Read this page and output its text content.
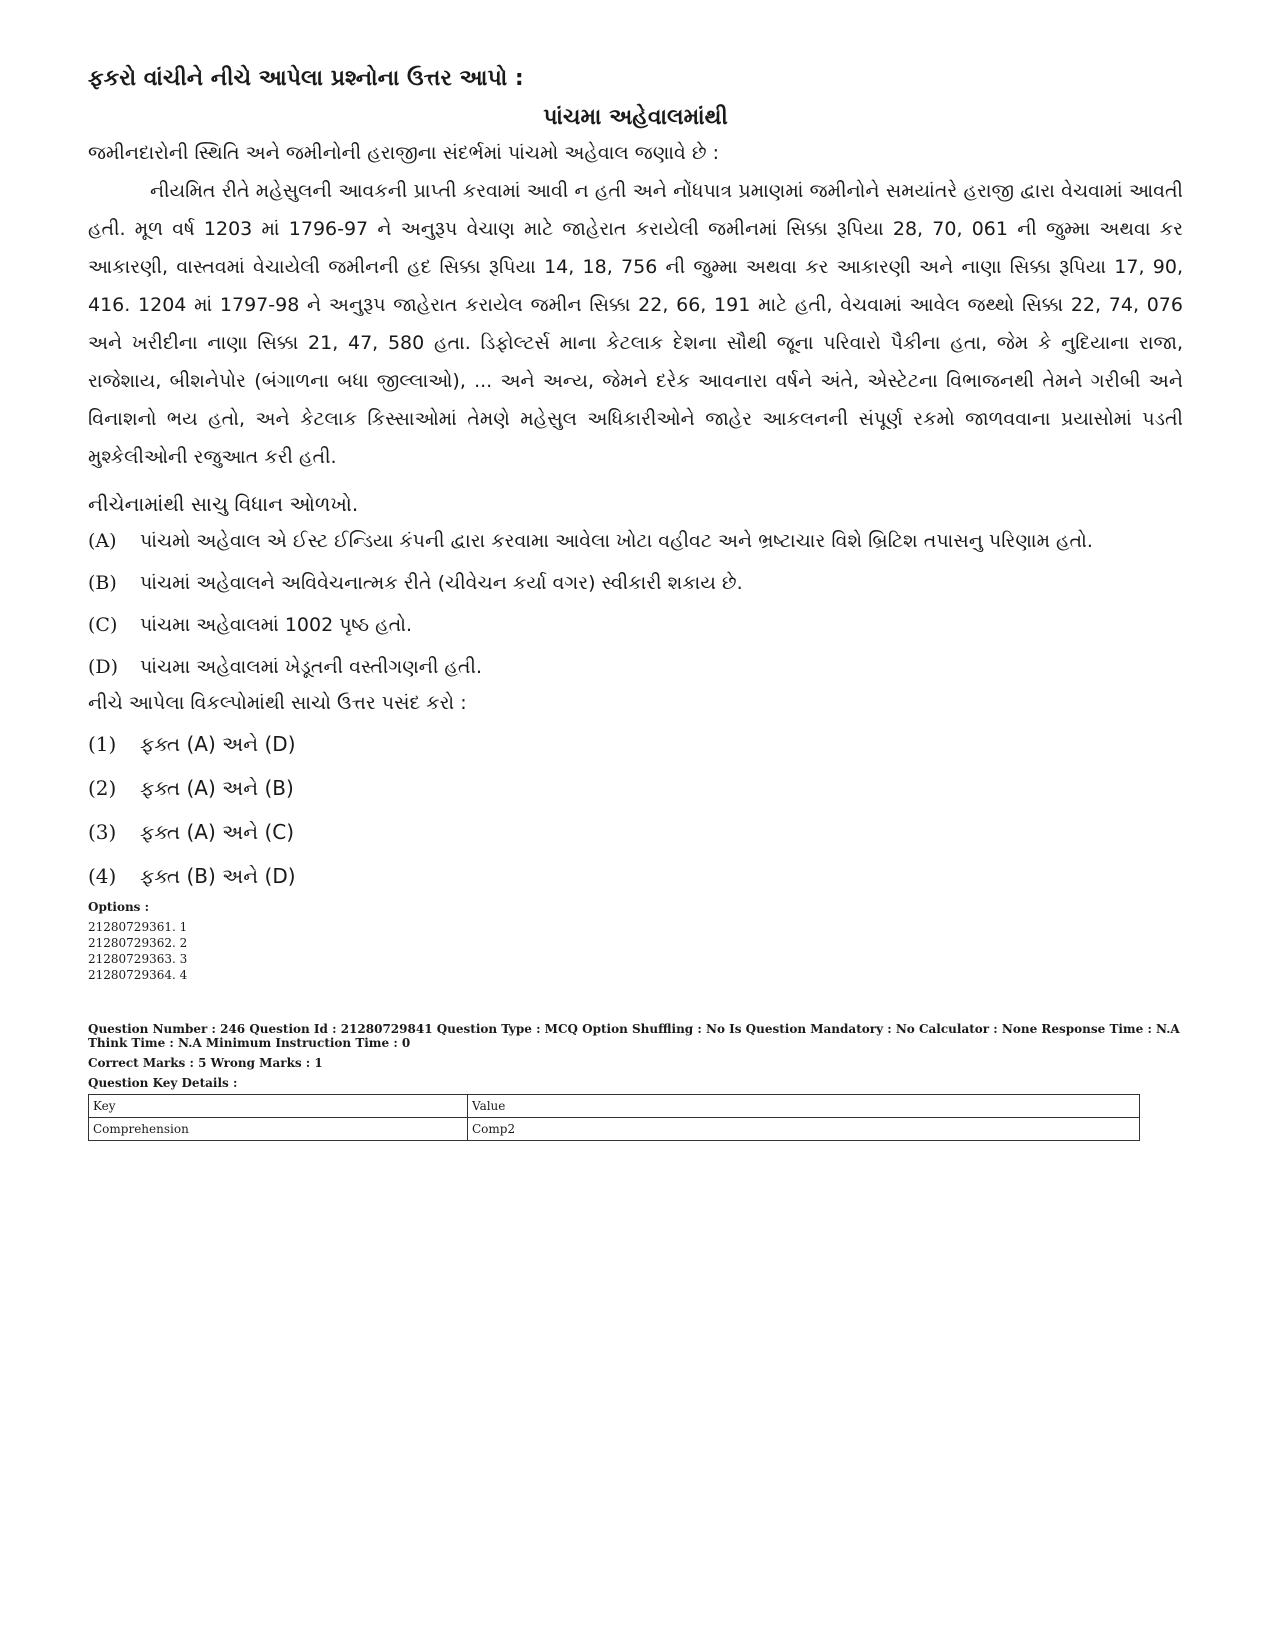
ફકરો વાંચીને નીચે આપેલા પ્રશ્નોના ઉત્તર આપો :
પાંચમા અહેવાલમાંથી
જમીનદારોની સ્થિતિ અને જમીનોની હરાજીના સંદર્ભમાં પાંચમો અહેવાલ જણાવે છે :
નીયમિત રીતે મહેસુલની આવકની પ્રાપ્તી કરવામાં આવી ન હતી અને નોંધપાત્ર પ્રમાણમાં જમીનોને સમયાંતરે હરાજી દ્વારા વેચવામાં આવતી હતી. મૂળ વર્ષ 1203 માં 1796-97 ને અનુરૂપ વેચાણ માટે જાહેરાત કરાયેલી જમીનમાં સિક્કા રૂપિયા 28, 70, 061 ની જુમ્મા અથવા કર આકારણી, વાસ્તવમાં વેચાયેલી જમીનની હદ સિક્કા રૂપિયા 14, 18, 756 ની જુમ્મા અથવા કર આકારણી અને નાણા સિક્કા રૂપિયા 17, 90, 416. 1204 માં 1797-98 ને અનુરૂપ જાહેરાત કરાયેલ જમીન સિક્કા 22, 66, 191 માટે હતી, વેચવામાં આવેલ જથ્થો સિક્કા 22, 74, 076 અને ખરીદીના નાણા સિક્કા 21, 47, 580 હતા. ડિફોલ્ટર્સ માના કેટલાક દેશના સૌથી જૂના પરિવારો પૈકીના હતા, જેમ કે નુદિયાના રાજા, રાજેશાય, બીશનેપોર (બંગાળના બધા જીલ્લાઓ), ... અને અન્ય, જેમને દરેક આવનારા વર્ષને અંતે, એસ્ટેટના વિભાજનથી તેમને ગરીબી અને વિનાશનો ભય હતો, અને કેટલાક કિસ્સાઓમાં તેમણે મહેસુલ અધિકારીઓને જાહેર આકલનની સંપૂર્ણ રકમો જાળવવાના પ્રયાસોમાં પડતી મુશ્કેલીઓની રજુઆત કરી હતી.
નીચેનામાંથી સાચુ વિધાન ઓળખો.
(A)	પાંચમો અહેવાલ એ ઈસ્ટ ઈન્ડિયા કંપની દ્વારા કરવામા આવેલા ખોટા વહીવટ અને ભ્રષ્ટાચાર વિશે બ્રિટિશ તપાસનુ પરિણામ હતો.
(B)	પાંચમાં અહેવાલને અવિવેચનાત્મક રીતે (ચીવેચન કર્યા વગર) સ્વીકારી શકાય છે.
(C)	પાંચમા અહેવાલમાં 1002 પૃષ્ઠ હતો.
(D)	પાંચમા અહેવાલમાં ખેડૂતની વસ્તીગણની હતી.
નીચે આપેલા વિકલ્પોમાંથી સાચો ઉત્તર પસંદ કરો :
(1)	ફક્ત (A) અને (D)
(2)	ફક્ત (A) અને (B)
(3)	ફક્ત (A) અને (C)
(4)	ફક્ત (B) અને (D)
Options :
21280729361. 1
21280729362. 2
21280729363. 3
21280729364. 4
Question Number : 246 Question Id : 21280729841 Question Type : MCQ Option Shuffling : No Is Question Mandatory : No Calculator : None Response Time : N.A Think Time : N.A Minimum Instruction Time : 0
Correct Marks : 5 Wrong Marks : 1
Question Key Details :
Key	Value
Comprehension	Comp2
